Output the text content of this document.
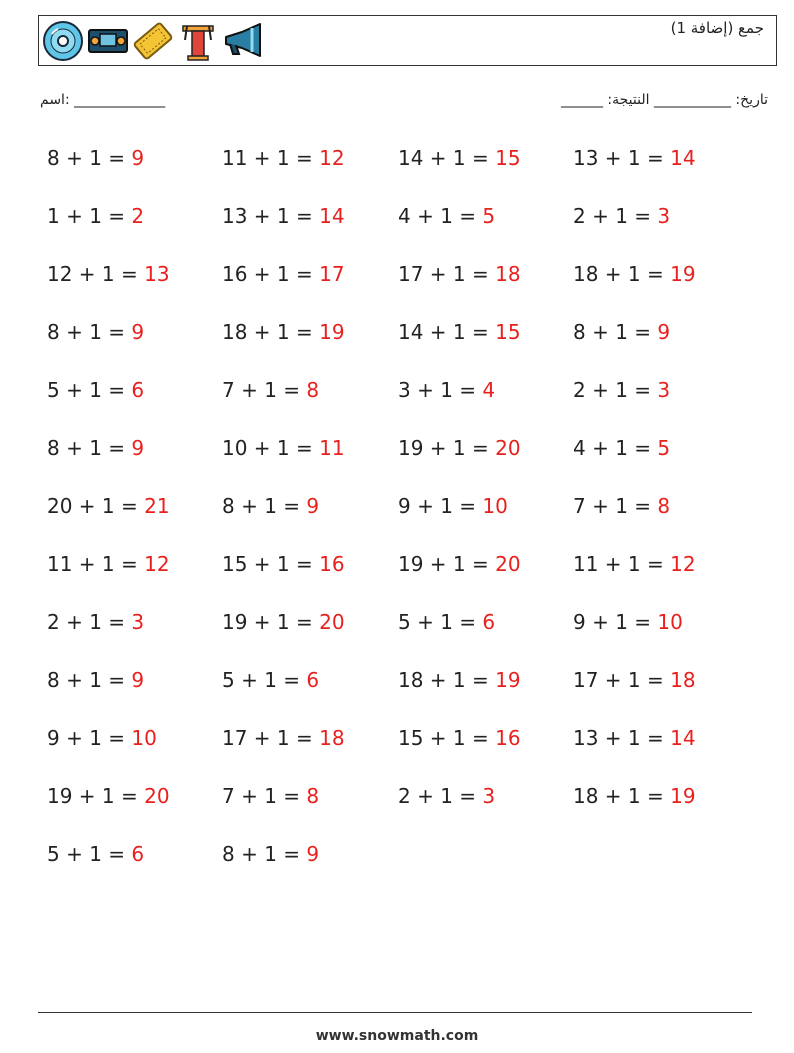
جمع (إضافة 1)
اسم: _____________	______ :تاريخ: ___________ النتيجة
8 + 1 = 9	11 + 1 = 12	14 + 1 = 15	13 + 1 = 14
1 + 1 = 2	13 + 1 = 14	4 + 1 = 5	2 + 1 = 3
12 + 1 = 13	16 + 1 = 17	17 + 1 = 18	18 + 1 = 19
8 + 1 = 9	18 + 1 = 19	14 + 1 = 15	8 + 1 = 9
5 + 1 = 6	7 + 1 = 8	3 + 1 = 4	2 + 1 = 3
8 + 1 = 9	10 + 1 = 11	19 + 1 = 20	4 + 1 = 5
20 + 1 = 21	8 + 1 = 9	9 + 1 = 10	7 + 1 = 8
11 + 1 = 12	15 + 1 = 16	19 + 1 = 20	11 + 1 = 12
2 + 1 = 3	19 + 1 = 20	5 + 1 = 6	9 + 1 = 10
8 + 1 = 9	5 + 1 = 6	18 + 1 = 19	17 + 1 = 18
9 + 1 = 10	17 + 1 = 18	15 + 1 = 16	13 + 1 = 14
19 + 1 = 20	7 + 1 = 8	2 + 1 = 3	18 + 1 = 19
5 + 1 = 6	8 + 1 = 9
www.snowmath.com
